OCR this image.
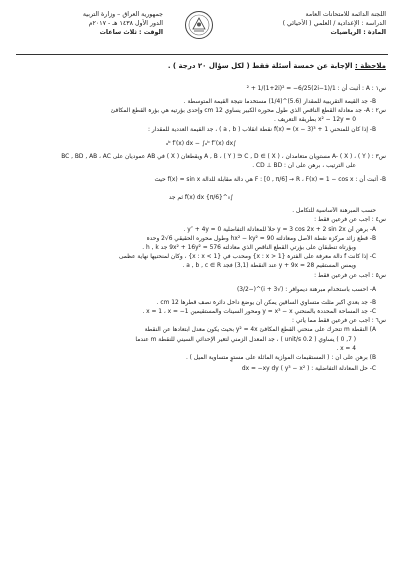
اللجنة الدائمة للامتحانات العامة
الدراسة : الإعدادية / العلمي ( الأحيائي )
المادة : الرياضيات
جمهورية العراق – وزارة التربية
الدور الأول ١٤٣٨ هـ - ٢٠١٧م
الوقت : ثلاث ساعات
ملاحظة : الإجابة عن خمسة أسئلة فقط ( لكل سؤال ٢٠ درجة ) .
س١ : A : أثبت أن : 1/(1−2i)² + 1/(1+2i)² = −6/25
B- جد القيمة التقريبية للمقدار (5.6)^(1/4) مستخدماً نتيجة القيمة المتوسطة .
س٢ : A- جد معادلة القطع الناقص الذي طول محوره الكبير يساوي 12 cm وإحدى بؤرتيه هي بؤرة القطع المكافئ
x² − 12y = 0 بطريقة التعريف .
B- إذا كان للمنحني f(x) = (x − 3)³ + 1 نقطة انقلاب ( a , b ) ، جد القيمة العددية للمقدار :
∫ₐᵇ f′(x) dx − ∫ₐᵇ f″(x) dx
س٣ : A- ( X ) ، ( Y ) مستويان متعامدان ، ( X ) ∋ A , B ، ( Y ) ∋ C , D ويقطعان ( X ) في AB عموديان على BC , BD , AB ، AC
على الترتيب ، برهن على أن : CD ⊥ BD .
B- أثبت أن : F : [0 , π/6] → R ، F(x) = 1 − cos x هي دالة مقابلة للدالة f(x) = sin x حيث
∫₀^{π/6} f(x) dx ثم جد
حسب المبرهنة الأساسية للتكامل .
س٤ : أجب عن فرعين فقط :
A- برهن أن y = 3 cos 2x + 2 sin 2x حلاً للمعادلة التفاضلية y″ + 4y = 0 .
B- قطع زائد مركزه نقطة الأصل ومعادلته hx² − ky² = 90 وطول محوره الحقيقي 6√2 وحدة
وبؤرتاه تنطبقان على بؤرتي القطع الناقص الذي معادلته 9x² + 16y² = 576 جد h , k .
C- إذا كانت f دالة معرفة على الفترة {x : x > 1} ومحدب في {x : x < 1} ، وكان لمنحنيها نهاية عظمى
ويمس المستقيم y + 9x = 28 عند النقطة (3,1) فجد a , b , c ∈ R .
س٥ : أجب عن فرعين فقط :
A- احسب باستخدام مبرهنة ديموافر : (√3 + i)^(−3/2)
B- جد بعدي أكبر مثلث متساوي الساقين يمكن أن يوضع داخل دائرة نصف قطرها 12 cm .
C- جد المساحة المحددة بالمنحني y = x³ − x ومحور السينات والمستقيمين x = 1 ، x = −1 .
س٦ : أجب عن فرعين فقط مما يأتي :
A) النقطة m تتحرك على منحني القطع المكافئ y² = 4x بحيث يكون معدل ابتعادها عن النقطة
( 7, 0 ) يساوي ( 0.2 unit/s ) ، جد المعدل الزمني لتغير الإحداثي السيني للنقطة m عندما
x = 4 .
B) برهن على أن : ( المستقيمات الموازية المائلة على مستوٍ متساوية الميل ) .
C- حل المعادلة التفاضلية : ( y³ − x² ) dx = −xy dy
